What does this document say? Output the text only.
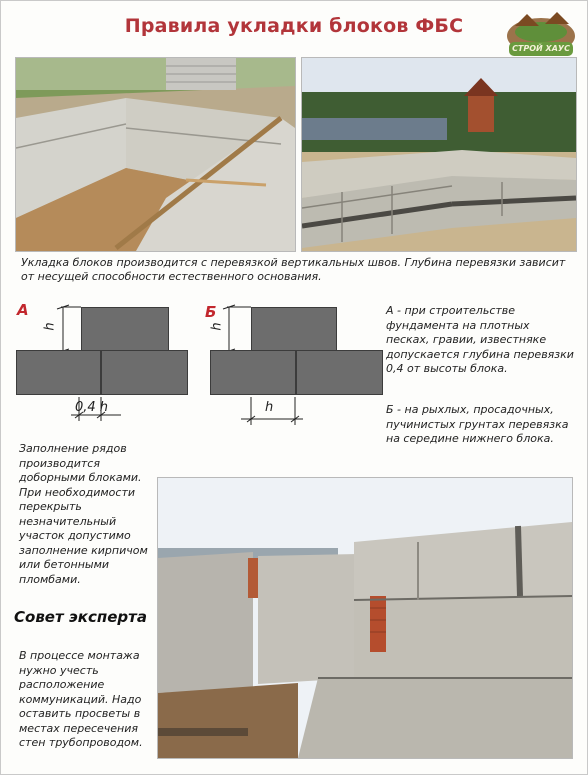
Правила укладки блоков ФБС
СТРОЙ ХАУС
Укладка блоков производится с перевязкой вертикальных швов. Глубина перевязки зависит от несущей способности естественного основания.
А
h
0,4 h
Б
h
h
А - при строительстве фундамента на плотных песках, гравии, известняке допускается глубина перевязки 0,4 от высоты блока.
Б - на рыхлых, просадочных, пучинистых грунтах перевязка на середине нижнего блока.
Заполнение рядов производится доборными блоками. При необходимости перекрыть незначительный участок допустимо заполнение кирпичом или бетонными пломбами.
Совет эксперта
В процессе монтажа нужно учесть расположение коммуникаций. Надо оставить просветы в местах пересечения стен трубопроводом.
